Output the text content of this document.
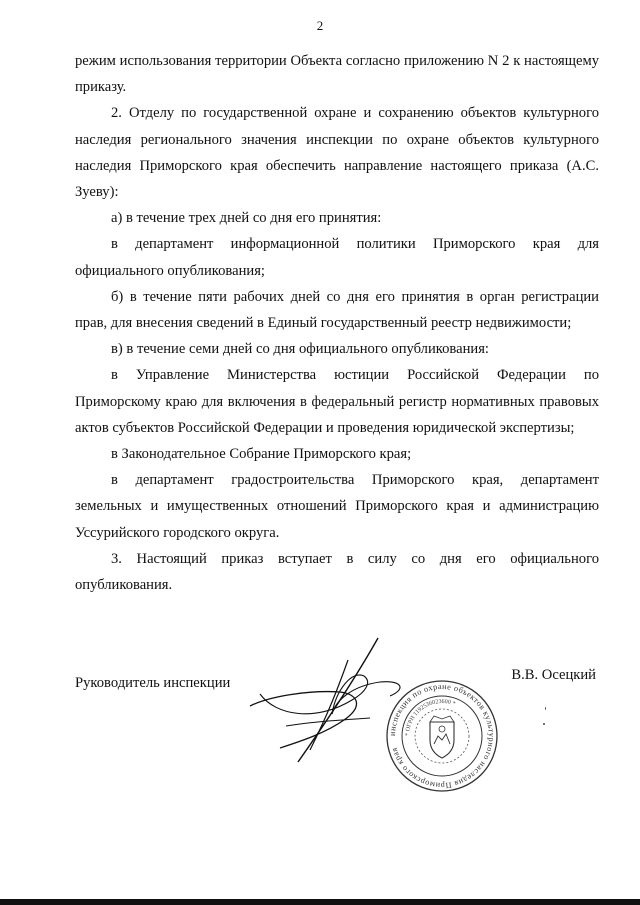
2

режим использования территории Объекта согласно приложению N 2 к настоящему приказу.

2. Отделу по государственной охране и сохранению объектов культурного наследия регионального значения инспекции по охране объектов культурного наследия Приморского края обеспечить направление настоящего приказа (А.С. Зуеву):

а) в течение трех дней со дня его принятия:

в департамент информационной политики Приморского края для официального опубликования;

б) в течение пяти рабочих дней со дня его принятия в орган регистрации прав, для внесения сведений в Единый государственный реестр недвижимости;

в) в течение семи дней со дня официального опубликования:

в Управление Министерства юстиции Российской Федерации по Приморскому краю для включения в федеральный регистр нормативных правовых актов субъектов Российской Федерации и проведения юридической экспертизы;

в Законодательное Собрание Приморского края;

в департамент градостроительства Приморского края, департамент земельных и имущественных отношений Приморского края и администрацию Уссурийского городского округа.

3. Настоящий приказ вступает в силу со дня его официального опубликования.

Руководитель инспекции	В.В. Осецкий
инспекция по охране объектов культурного наследия Приморского края
* ОГРН 1192536023600 *
